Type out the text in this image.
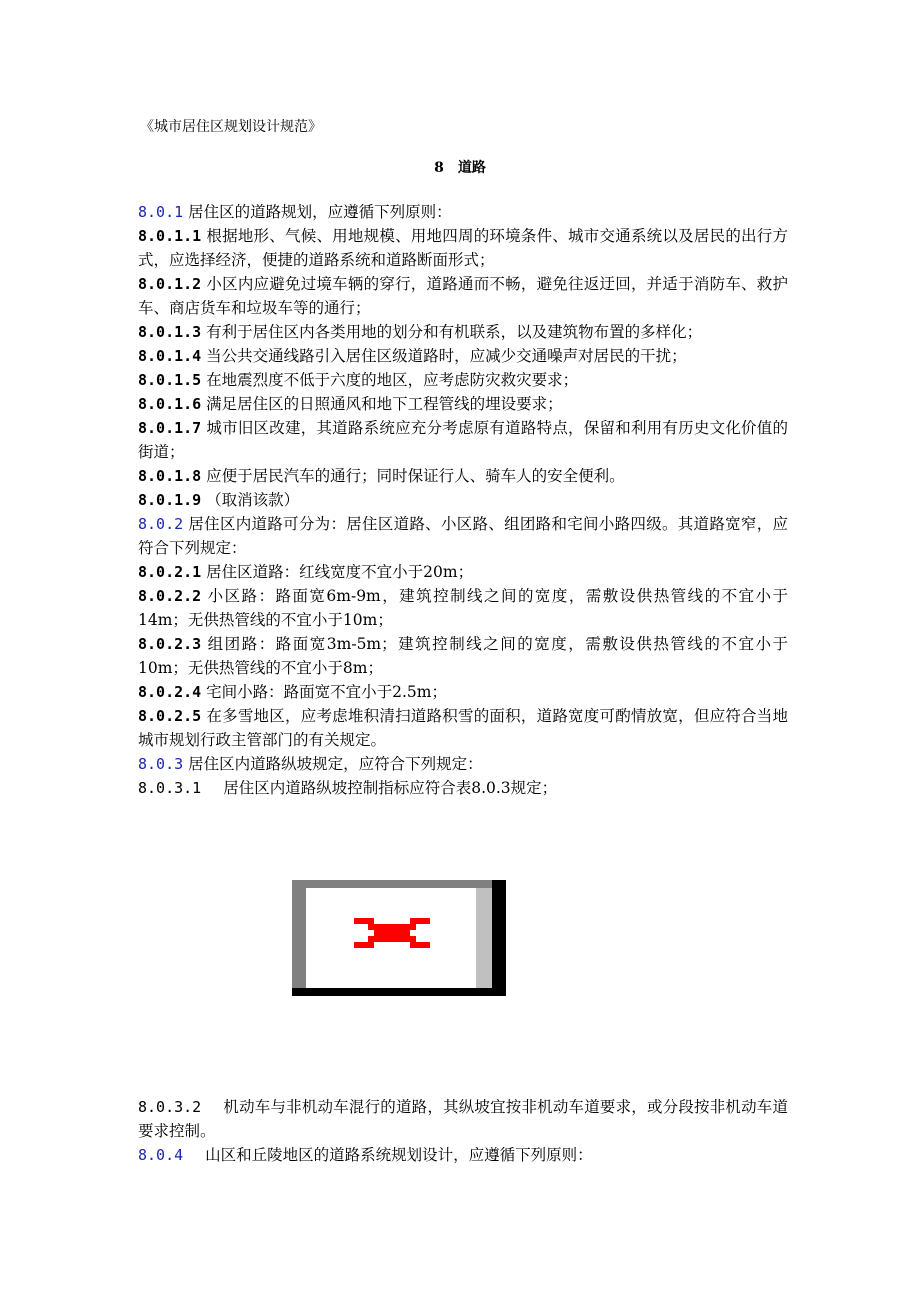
《城市居住区规划设计规范》
8　道路

8.0.1 居住区的道路规划，应遵循下列原则：

8.0.1.1 根据地形、气候、用地规模、用地四周的环境条件、城市交通系统以及居民的出行方式，应选择经济，便捷的道路系统和道路断面形式；

8.0.1.2 小区内应避免过境车辆的穿行，道路通而不畅，避免往返迂回，并适于消防车、救护车、商店货车和垃圾车等的通行；

8.0.1.3 有利于居住区内各类用地的划分和有机联系，以及建筑物布置的多样化；

8.0.1.4 当公共交通线路引入居住区级道路时，应减少交通噪声对居民的干扰；

8.0.1.5 在地震烈度不低于六度的地区，应考虑防灾救灾要求；

8.0.1.6 满足居住区的日照通风和地下工程管线的埋设要求；

8.0.1.7 城市旧区改建，其道路系统应充分考虑原有道路特点，保留和利用有历史文化价值的街道；

8.0.1.8 应便于居民汽车的通行；同时保证行人、骑车人的安全便利。

8.0.1.9 （取消该款）

8.0.2 居住区内道路可分为：居住区道路、小区路、组团路和宅间小路四级。其道路宽窄，应符合下列规定：

8.0.2.1 居住区道路：红线宽度不宜小于20m；

8.0.2.2 小区路：路面宽6m-9m，建筑控制线之间的宽度，需敷设供热管线的不宜小于14m；无供热管线的不宜小于10m；

8.0.2.3 组团路：路面宽3m-5m；建筑控制线之间的宽度，需敷设供热管线的不宜小于10m；无供热管线的不宜小于8m；

8.0.2.4 宅间小路：路面宽不宜小于2.5m；

8.0.2.5 在多雪地区，应考虑堆积清扫道路积雪的面积，道路宽度可酌情放宽，但应符合当地城市规划行政主管部门的有关规定。

8.0.3 居住区内道路纵坡规定，应符合下列规定：

8.0.3.1 居住区内道路纵坡控制指标应符合表8.0.3规定；

8.0.3.2 机动车与非机动车混行的道路，其纵坡宜按非机动车道要求，或分段按非机动车道要求控制。

8.0.4 山区和丘陵地区的道路系统规划设计，应遵循下列原则：
